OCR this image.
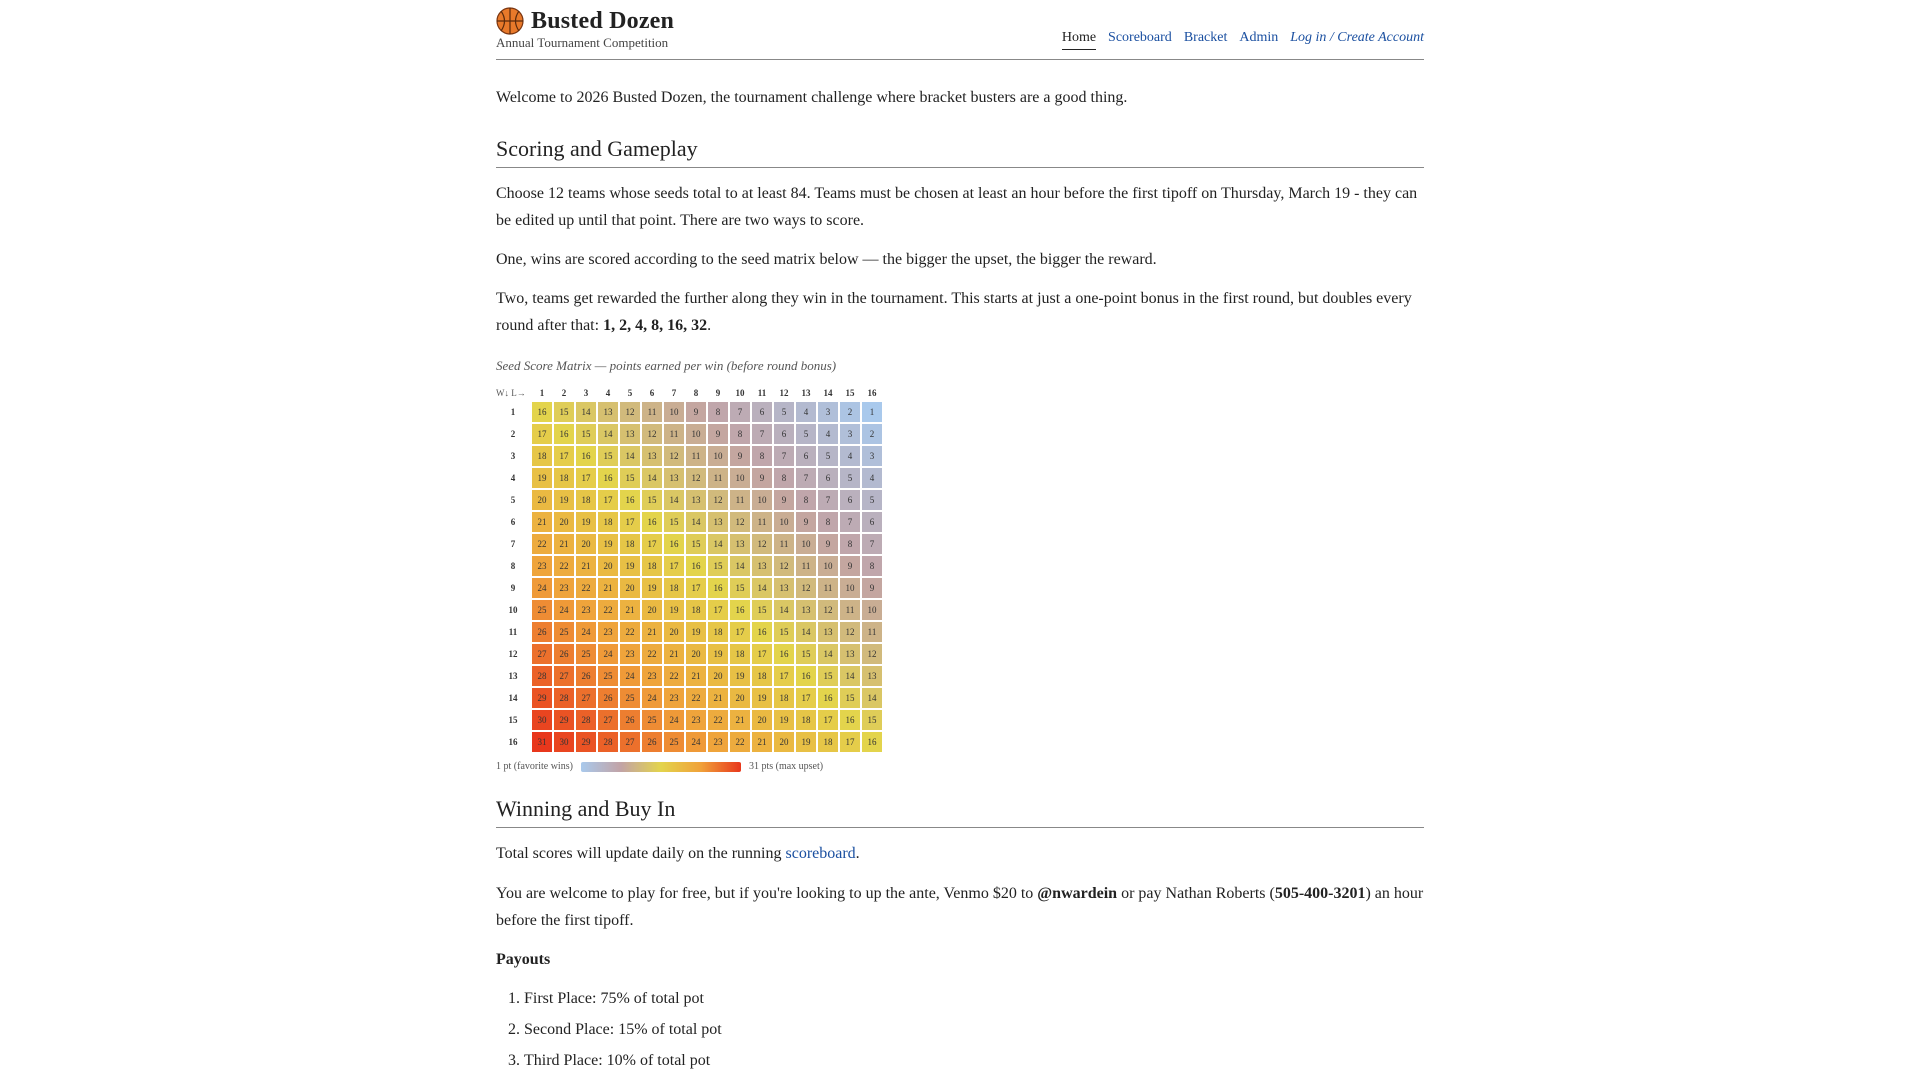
Busted Dozen
Annual Tournament Competition	Home Scoreboard Bracket Admin Log in / Create Account

Welcome to 2026 Busted Dozen, the tournament challenge where bracket busters are a good thing.

Scoring and Gameplay

Choose 12 teams whose seeds total to at least 84. Teams must be chosen at least an hour before the first tipoff on Thursday, March 19 - they can be edited up until that point. There are two ways to score.

One, wins are scored according to the seed matrix below — the bigger the upset, the bigger the reward.

Two, teams get rewarded the further along they win in the tournament. This starts at just a one-point bonus in the first round, but doubles every round after that: 1, 2, 4, 8, 16, 32.

Seed Score Matrix — points earned per win (before round bonus)
W↓ L→	1	2	3	4	5	6	7	8	9	10	11	12	13	14	15	16
1	16	15	14	13	12	11	10	9	8	7	6	5	4	3	2	1
2	17	16	15	14	13	12	11	10	9	8	7	6	5	4	3	2
3	18	17	16	15	14	13	12	11	10	9	8	7	6	5	4	3
4	19	18	17	16	15	14	13	12	11	10	9	8	7	6	5	4
5	20	19	18	17	16	15	14	13	12	11	10	9	8	7	6	5
6	21	20	19	18	17	16	15	14	13	12	11	10	9	8	7	6
7	22	21	20	19	18	17	16	15	14	13	12	11	10	9	8	7
8	23	22	21	20	19	18	17	16	15	14	13	12	11	10	9	8
9	24	23	22	21	20	19	18	17	16	15	14	13	12	11	10	9
10	25	24	23	22	21	20	19	18	17	16	15	14	13	12	11	10
11	26	25	24	23	22	21	20	19	18	17	16	15	14	13	12	11
12	27	26	25	24	23	22	21	20	19	18	17	16	15	14	13	12
13	28	27	26	25	24	23	22	21	20	19	18	17	16	15	14	13
14	29	28	27	26	25	24	23	22	21	20	19	18	17	16	15	14
15	30	29	28	27	26	25	24	23	22	21	20	19	18	17	16	15
16	31	30	29	28	27	26	25	24	23	22	21	20	19	18	17	16
1 pt (favorite wins)	31 pts (max upset)
Winning and Buy In

Total scores will update daily on the running scoreboard.

You are welcome to play for free, but if you're looking to up the ante, Venmo $20 to @nwardein or pay Nathan Roberts (505-400-3201) an hour before the first tipoff.

Payouts

1. First Place: 75% of total pot
2. Second Place: 15% of total pot
3. Third Place: 10% of total pot
